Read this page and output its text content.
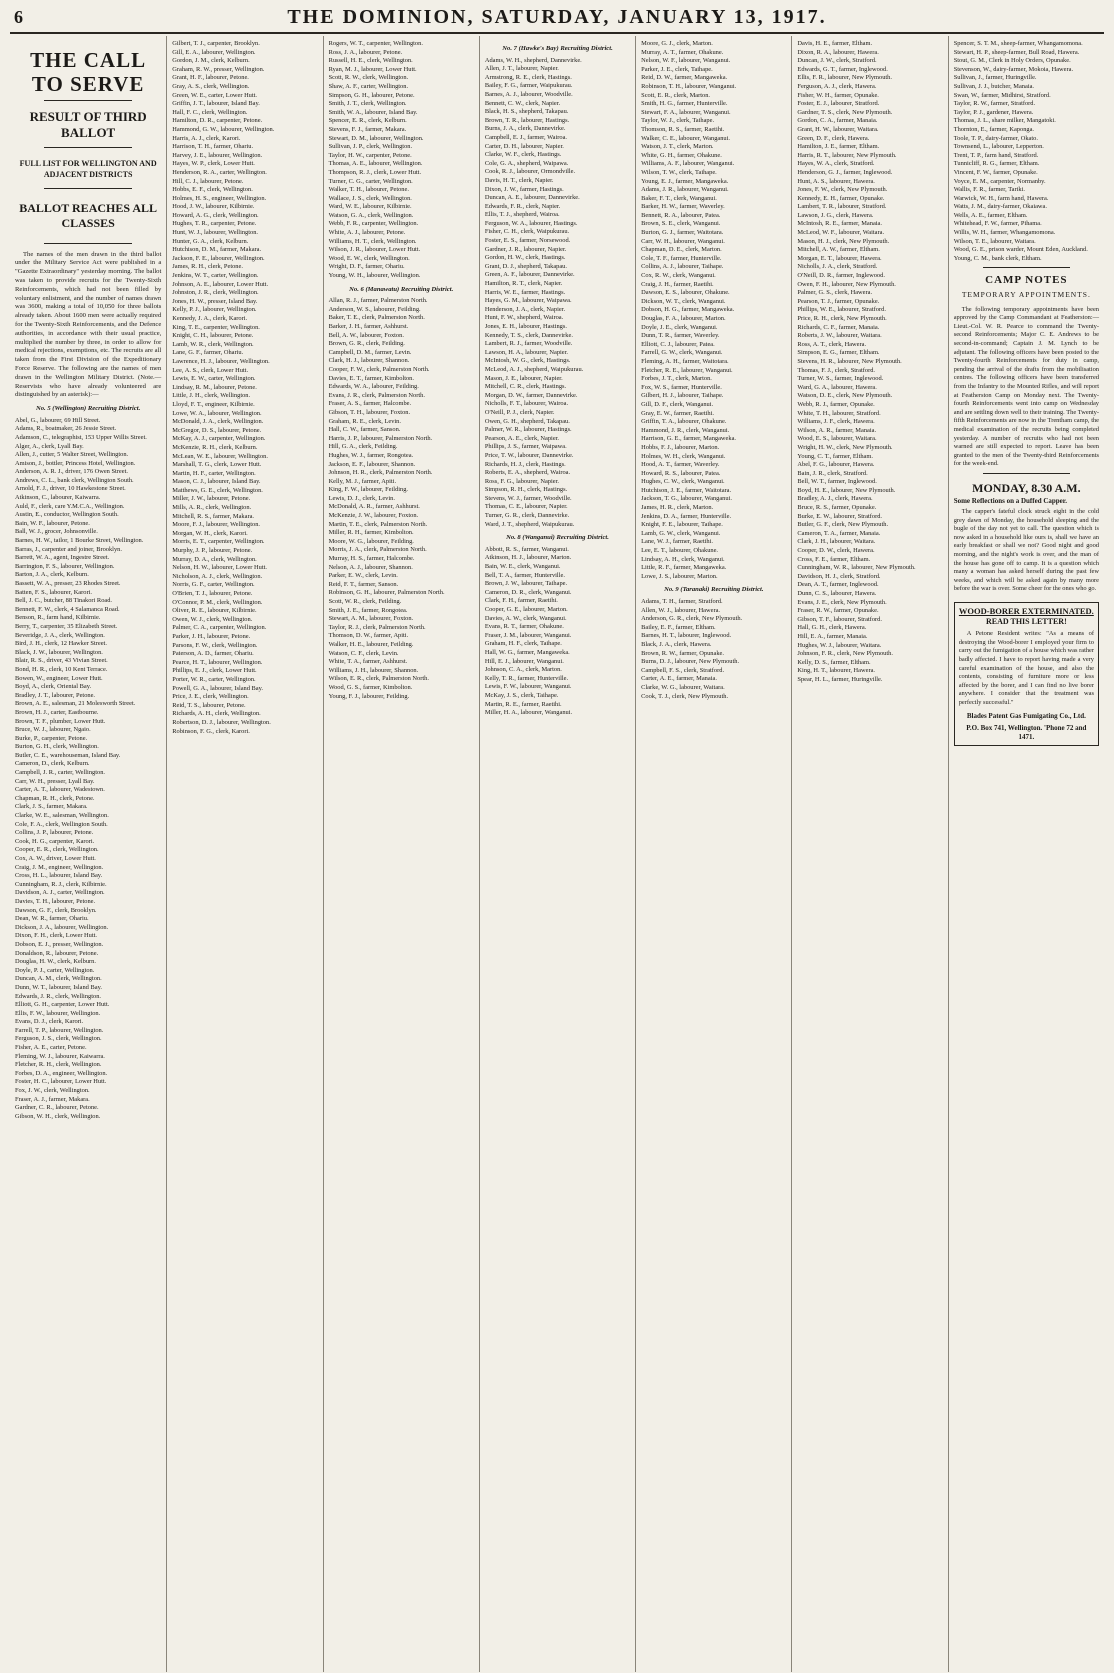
6	THE DOMINION, SATURDAY, JANUARY 13, 1917.
THE CALL TO SERVE
RESULT OF THIRD BALLOT
FULL LIST FOR WELLINGTON AND ADJACENT DISTRICTS
BALLOT REACHES ALL CLASSES

The names of the men drawn in the third ballot under the Military Service Act were published in a "Gazette Extraordinary" yesterday morning. The ballot was taken to provide recruits for the Twenty-Sixth Reinforcements, which had not been filled by voluntary enlistment, and the number of names drawn was 3600, making a total of 10,050 for three ballots already taken. About 1600 men were actually required for the Twenty-Sixth Reinforcements, and the Defence authorities, in accordance with their usual practice, multiplied the number by three, in order to allow for medical rejections, exemptions, etc. The recruits are all taken from the First Division of the Expeditionary Force Reserve. The following are the names of men drawn in the Wellington Military District. (Note.—Reservists who have already volunteered are distinguished by an asterisk):—

No. 5 (Wellington) Recruiting District.

Abel, G., labourer, 69 Hill Street.

Adams, R., boatmaker, 26 Jessie Street.

Adamson, C., telegraphist, 153 Upper Willis Street.

Alger, A., clerk, Lyall Bay.

Allen, J., cutter, 5 Walter Street, Wellington.

Amison, J., bottler, Princess Hotel, Wellington.

Anderson, A. R. J., driver, 176 Owen Street.

Andrews, C. L., bank clerk, Wellington South.

Arnold, F. J., driver, 10 Hawkestone Street.

Atkinson, C., labourer, Kaiwarra.

Auld, F., clerk, care Y.M.C.A., Wellington.

Austin, E., conductor, Wellington South.

Bain, W. F., labourer, Petone.

Ball, W. J., grocer, Johnsonville.

Barnes, H. W., tailor, 1 Bourke Street, Wellington.

Barras, J., carpenter and joiner, Brooklyn.

Barrett, W. A., agent, Ingestre Street.

Barrington, F. S., labourer, Wellington.

Barton, J. A., clerk, Kelburn.

Bassett, W. A., presser, 23 Rhodes Street.

Batten, F. S., labourer, Karori.

Bell, J. C., butcher, 88 Tinakori Road.

Bennett, F. W., clerk, 4 Salamanca Road.

Benson, R., farm hand, Kilbirnie.

Berry, T., carpenter, 35 Elizabeth Street.

Beveridge, J. A., clerk, Wellington.

Bird, J. H., clerk, 12 Hawker Street.

Black, J. W., labourer, Wellington.

Blair, R. S., driver, 43 Vivian Street.

Bond, H. R., clerk, 10 Kent Terrace.

Bowen, W., engineer, Lower Hutt.

Boyd, A., clerk, Oriental Bay.

Bradley, J. T., labourer, Petone.

Brown, A. E., salesman, 21 Molesworth Street.

Brown, H. J., carter, Eastbourne.

Brown, T. F., plumber, Lower Hutt.

Bruce, W. J., labourer, Ngaio.

Burke, P., carpenter, Petone.

Burton, G. H., clerk, Wellington.

Butler, C. E., warehouseman, Island Bay.

Cameron, D., clerk, Kelburn.

Campbell, J. R., carter, Wellington.

Carr, W. H., presser, Lyall Bay.

Carter, A. T., labourer, Wadestown.

Chapman, R. H., clerk, Petone.

Clark, J. S., farmer, Makara.

Clarke, W. E., salesman, Wellington.

Cole, F. A., clerk, Wellington South.

Collins, J. P., labourer, Petone.

Cook, H. G., carpenter, Karori.

Cooper, E. R., clerk, Wellington.

Cox, A. W., driver, Lower Hutt.

Craig, J. M., engineer, Wellington.

Cross, H. L., labourer, Island Bay.

Cunningham, R. J., clerk, Kilbirnie.

Davidson, A. J., carter, Wellington.

Davies, T. H., labourer, Petone.

Dawson, G. F., clerk, Brooklyn.

Dean, W. R., farmer, Ohariu.

Dickson, J. A., labourer, Wellington.

Dixon, F. H., clerk, Lower Hutt.

Dobson, E. J., presser, Wellington.

Donaldson, R., labourer, Petone.

Douglas, H. W., clerk, Kelburn.

Doyle, P. J., carter, Wellington.

Duncan, A. M., clerk, Wellington.

Dunn, W. T., labourer, Island Bay.

Edwards, J. R., clerk, Wellington.

Elliott, G. H., carpenter, Lower Hutt.

Ellis, F. W., labourer, Wellington.

Evans, D. J., clerk, Karori.

Farrell, T. P., labourer, Wellington.

Ferguson, J. S., clerk, Wellington.

Fisher, A. E., carter, Petone.

Fleming, W. J., labourer, Kaiwarra.

Fletcher, R. H., clerk, Wellington.

Forbes, D. A., engineer, Wellington.

Foster, H. C., labourer, Lower Hutt.

Fox, J. W., clerk, Wellington.

Fraser, A. J., farmer, Makara.

Gardner, C. R., labourer, Petone.

Gibson, W. H., clerk, Wellington.

Gilbert, T. J., carpenter, Brooklyn.

Gill, E. A., labourer, Wellington.

Gordon, J. M., clerk, Kelburn.

Graham, R. W., presser, Wellington.

Grant, H. F., labourer, Petone.

Gray, A. S., clerk, Wellington.

Green, W. E., carter, Lower Hutt.

Griffin, J. T., labourer, Island Bay.

Hall, F. C., clerk, Wellington.

Hamilton, D. R., carpenter, Petone.

Hammond, G. W., labourer, Wellington.

Harris, A. J., clerk, Karori.

Harrison, T. H., farmer, Ohariu.

Harvey, J. E., labourer, Wellington.

Hayes, W. P., clerk, Lower Hutt.

Henderson, R. A., carter, Wellington.

Hill, C. J., labourer, Petone.

Hobbs, E. F., clerk, Wellington.

Holmes, H. S., engineer, Wellington.

Hood, J. W., labourer, Kilbirnie.

Howard, A. G., clerk, Wellington.

Hughes, T. R., carpenter, Petone.

Hunt, W. J., labourer, Wellington.

Hunter, G. A., clerk, Kelburn.

Hutchison, D. M., farmer, Makara.

Jackson, F. E., labourer, Wellington.

James, R. H., clerk, Petone.

Jenkins, W. T., carter, Wellington.

Johnson, A. E., labourer, Lower Hutt.

Johnston, J. R., clerk, Wellington.

Jones, H. W., presser, Island Bay.

Kelly, P. J., labourer, Wellington.

Kennedy, J. A., clerk, Karori.

King, T. E., carpenter, Wellington.

Knight, C. H., labourer, Petone.

Lamb, W. R., clerk, Wellington.

Lane, G. F., farmer, Ohariu.

Lawrence, H. J., labourer, Wellington.

Lee, A. S., clerk, Lower Hutt.

Lewis, E. W., carter, Wellington.

Lindsay, R. M., labourer, Petone.

Little, J. H., clerk, Wellington.

Lloyd, F. T., engineer, Kilbirnie.

Lowe, W. A., labourer, Wellington.

McDonald, J. A., clerk, Wellington.

McGregor, D. S., labourer, Petone.

McKay, A. J., carpenter, Wellington.

McKenzie, R. H., clerk, Kelburn.

McLean, W. E., labourer, Wellington.

Marshall, T. G., clerk, Lower Hutt.

Martin, H. F., carter, Wellington.

Mason, C. J., labourer, Island Bay.

Matthews, G. E., clerk, Wellington.

Miller, J. W., labourer, Petone.

Mills, A. R., clerk, Wellington.

Mitchell, R. S., farmer, Makara.

Moore, F. J., labourer, Wellington.

Morgan, W. H., clerk, Karori.

Morris, E. T., carpenter, Wellington.

Murphy, J. P., labourer, Petone.

Murray, D. A., clerk, Wellington.

Nelson, H. W., labourer, Lower Hutt.

Nicholson, A. J., clerk, Wellington.

Norris, G. F., carter, Wellington.

O'Brien, T. J., labourer, Petone.

O'Connor, P. M., clerk, Wellington.

Oliver, R. E., labourer, Kilbirnie.

Owen, W. J., clerk, Wellington.

Palmer, C. A., carpenter, Wellington.

Parker, J. H., labourer, Petone.

Parsons, F. W., clerk, Wellington.

Paterson, A. D., farmer, Ohariu.

Pearce, H. T., labourer, Wellington.

Phillips, E. J., clerk, Lower Hutt.

Porter, W. R., carter, Wellington.

Powell, G. A., labourer, Island Bay.

Price, J. E., clerk, Wellington.

Reid, T. S., labourer, Petone.

Richards, A. H., clerk, Wellington.

Robertson, D. J., labourer, Wellington.

Robinson, F. G., clerk, Karori.

Rogers, W. T., carpenter, Wellington.

Ross, J. A., labourer, Petone.

Russell, H. E., clerk, Wellington.

Ryan, M. J., labourer, Lower Hutt.

Scott, R. W., clerk, Wellington.

Shaw, A. F., carter, Wellington.

Simpson, G. H., labourer, Petone.

Smith, J. T., clerk, Wellington.

Smith, W. A., labourer, Island Bay.

Spencer, E. R., clerk, Kelburn.

Stevens, F. J., farmer, Makara.

Stewart, D. M., labourer, Wellington.

Sullivan, J. P., clerk, Wellington.

Taylor, H. W., carpenter, Petone.

Thomas, A. E., labourer, Wellington.

Thompson, R. J., clerk, Lower Hutt.

Turner, C. G., carter, Wellington.

Walker, T. H., labourer, Petone.

Wallace, J. S., clerk, Wellington.

Ward, W. E., labourer, Kilbirnie.

Watson, G. A., clerk, Wellington.

Webb, F. R., carpenter, Wellington.

White, A. J., labourer, Petone.

Williams, H. T., clerk, Wellington.

Wilson, J. R., labourer, Lower Hutt.

Wood, E. W., clerk, Wellington.

Wright, D. F., farmer, Ohariu.

Young, W. H., labourer, Wellington.

No. 6 (Manawatu) Recruiting District.

Allan, R. J., farmer, Palmerston North.

Anderson, W. S., labourer, Feilding.

Baker, T. E., clerk, Palmerston North.

Barker, J. H., farmer, Ashhurst.

Bell, A. W., labourer, Foxton.

Brown, G. R., clerk, Feilding.

Campbell, D. M., farmer, Levin.

Clark, H. J., labourer, Shannon.

Cooper, F. W., clerk, Palmerston North.

Davies, E. T., farmer, Kimbolton.

Edwards, W. A., labourer, Feilding.

Evans, J. R., clerk, Palmerston North.

Fraser, A. S., farmer, Halcombe.

Gibson, T. H., labourer, Foxton.

Graham, R. E., clerk, Levin.

Hall, C. W., farmer, Sanson.

Harris, J. P., labourer, Palmerston North.

Hill, G. A., clerk, Feilding.

Hughes, W. J., farmer, Rongotea.

Jackson, E. F., labourer, Shannon.

Johnson, H. R., clerk, Palmerston North.

Kelly, M. J., farmer, Apiti.

King, F. W., labourer, Feilding.

Lewis, D. J., clerk, Levin.

McDonald, A. R., farmer, Ashhurst.

McKenzie, J. W., labourer, Foxton.

Martin, T. E., clerk, Palmerston North.

Miller, R. H., farmer, Kimbolton.

Moore, W. G., labourer, Feilding.

Morris, J. A., clerk, Palmerston North.

Murray, H. S., farmer, Halcombe.

Nelson, A. J., labourer, Shannon.

Parker, E. W., clerk, Levin.

Reid, F. T., farmer, Sanson.

Robinson, G. H., labourer, Palmerston North.

Scott, W. R., clerk, Feilding.

Smith, J. E., farmer, Rongotea.

Stewart, A. M., labourer, Foxton.

Taylor, R. J., clerk, Palmerston North.

Thomson, D. W., farmer, Apiti.

Walker, H. E., labourer, Feilding.

Watson, C. F., clerk, Levin.

White, T. A., farmer, Ashhurst.

Williams, J. H., labourer, Shannon.

Wilson, E. R., clerk, Palmerston North.

Wood, G. S., farmer, Kimbolton.

Young, F. J., labourer, Feilding.

No. 7 (Hawke's Bay) Recruiting District.

Adams, W. H., shepherd, Dannevirke.

Allen, J. T., labourer, Napier.

Armstrong, R. E., clerk, Hastings.

Bailey, F. G., farmer, Waipukurau.

Barnes, A. J., labourer, Woodville.

Bennett, C. W., clerk, Napier.

Black, H. S., shepherd, Takapau.

Brown, T. R., labourer, Hastings.

Burns, J. A., clerk, Dannevirke.

Campbell, E. J., farmer, Wairoa.

Carter, D. H., labourer, Napier.

Clarke, W. F., clerk, Hastings.

Cole, G. A., shepherd, Waipawa.

Cook, R. J., labourer, Ormondville.

Davis, H. T., clerk, Napier.

Dixon, J. W., farmer, Hastings.

Duncan, A. E., labourer, Dannevirke.

Edwards, F. R., clerk, Napier.

Ellis, T. J., shepherd, Wairoa.

Ferguson, W. A., labourer, Hastings.

Fisher, C. H., clerk, Waipukurau.

Foster, E. S., farmer, Norsewood.

Gardner, J. R., labourer, Napier.

Gordon, H. W., clerk, Hastings.

Grant, D. J., shepherd, Takapau.

Green, A. F., labourer, Dannevirke.

Hamilton, R. T., clerk, Napier.

Harris, W. E., farmer, Hastings.

Hayes, G. M., labourer, Waipawa.

Henderson, J. A., clerk, Napier.

Hunt, F. W., shepherd, Wairoa.

Jones, E. H., labourer, Hastings.

Kennedy, T. S., clerk, Dannevirke.

Lambert, R. J., farmer, Woodville.

Lawson, H. A., labourer, Napier.

McIntosh, W. G., clerk, Hastings.

McLeod, A. J., shepherd, Waipukurau.

Mason, J. E., labourer, Napier.

Mitchell, C. R., clerk, Hastings.

Morgan, D. W., farmer, Dannevirke.

Nicholls, F. T., labourer, Wairoa.

O'Neill, P. J., clerk, Napier.

Owen, G. H., shepherd, Takapau.

Palmer, W. R., labourer, Hastings.

Pearson, A. E., clerk, Napier.

Phillips, J. S., farmer, Waipawa.

Price, T. W., labourer, Dannevirke.

Richards, H. J., clerk, Hastings.

Roberts, E. A., shepherd, Wairoa.

Ross, F. G., labourer, Napier.

Simpson, R. H., clerk, Hastings.

Stevens, W. J., farmer, Woodville.

Thomas, C. E., labourer, Napier.

Turner, G. R., clerk, Dannevirke.

Ward, J. T., shepherd, Waipukurau.

No. 8 (Wanganui) Recruiting District.

Abbott, R. S., farmer, Wanganui.

Atkinson, H. J., labourer, Marton.

Bain, W. E., clerk, Wanganui.

Bell, T. A., farmer, Hunterville.

Brown, J. W., labourer, Taihape.

Cameron, D. R., clerk, Wanganui.

Clark, F. H., farmer, Raetihi.

Cooper, G. E., labourer, Marton.

Davies, A. W., clerk, Wanganui.

Evans, R. T., farmer, Ohakune.

Fraser, J. M., labourer, Wanganui.

Graham, H. F., clerk, Taihape.

Hall, W. G., farmer, Mangaweka.

Hill, E. J., labourer, Wanganui.

Johnson, C. A., clerk, Marton.

Kelly, T. R., farmer, Hunterville.

Lewis, F. W., labourer, Wanganui.

McKay, J. S., clerk, Taihape.

Martin, R. E., farmer, Raetihi.

Miller, H. A., labourer, Wanganui.

Moore, G. J., clerk, Marton.

Murray, A. T., farmer, Ohakune.

Nelson, W. F., labourer, Wanganui.

Parker, J. E., clerk, Taihape.

Reid, D. W., farmer, Mangaweka.

Robinson, T. H., labourer, Wanganui.

Scott, E. R., clerk, Marton.

Smith, H. G., farmer, Hunterville.

Stewart, F. A., labourer, Wanganui.

Taylor, W. J., clerk, Taihape.

Thomson, R. S., farmer, Raetihi.

Walker, C. E., labourer, Wanganui.

Watson, J. T., clerk, Marton.

White, G. H., farmer, Ohakune.

Williams, A. F., labourer, Wanganui.

Wilson, T. W., clerk, Taihape.

Young, E. J., farmer, Mangaweka.

Adams, J. R., labourer, Wanganui.

Baker, F. T., clerk, Wanganui.

Barker, H. W., farmer, Waverley.

Bennett, R. A., labourer, Patea.

Brown, S. E., clerk, Wanganui.

Burton, G. J., farmer, Waitotara.

Carr, W. H., labourer, Wanganui.

Chapman, D. E., clerk, Marton.

Cole, T. F., farmer, Hunterville.

Collins, A. J., labourer, Taihape.

Cox, R. W., clerk, Wanganui.

Craig, J. H., farmer, Raetihi.

Dawson, E. S., labourer, Ohakune.

Dickson, W. T., clerk, Wanganui.

Dobson, H. G., farmer, Mangaweka.

Douglas, F. A., labourer, Marton.

Doyle, J. E., clerk, Wanganui.

Dunn, T. R., farmer, Waverley.

Elliott, C. J., labourer, Patea.

Farrell, G. W., clerk, Wanganui.

Fleming, A. H., farmer, Waitotara.

Fletcher, R. E., labourer, Wanganui.

Forbes, J. T., clerk, Marton.

Fox, W. S., farmer, Hunterville.

Gilbert, H. J., labourer, Taihape.

Gill, D. F., clerk, Wanganui.

Gray, E. W., farmer, Raetihi.

Griffin, T. A., labourer, Ohakune.

Hammond, J. R., clerk, Wanganui.

Harrison, G. E., farmer, Mangaweka.

Hobbs, F. J., labourer, Marton.

Holmes, W. H., clerk, Wanganui.

Hood, A. T., farmer, Waverley.

Howard, R. S., labourer, Patea.

Hughes, C. W., clerk, Wanganui.

Hutchison, J. E., farmer, Waitotara.

Jackson, T. G., labourer, Wanganui.

James, H. R., clerk, Marton.

Jenkins, D. A., farmer, Hunterville.

Knight, F. E., labourer, Taihape.

Lamb, G. W., clerk, Wanganui.

Lane, W. J., farmer, Raetihi.

Lee, E. T., labourer, Ohakune.

Lindsay, A. H., clerk, Wanganui.

Little, R. F., farmer, Mangaweka.

Lowe, J. S., labourer, Marton.

No. 9 (Taranaki) Recruiting District.

Adams, T. H., farmer, Stratford.

Allen, W. J., labourer, Hawera.

Anderson, G. R., clerk, New Plymouth.

Bailey, E. F., farmer, Eltham.

Barnes, H. T., labourer, Inglewood.

Black, J. A., clerk, Hawera.

Brown, R. W., farmer, Opunake.

Burns, D. J., labourer, New Plymouth.

Campbell, F. S., clerk, Stratford.

Carter, A. E., farmer, Manaia.

Clarke, W. G., labourer, Waitara.

Cook, T. J., clerk, New Plymouth.

Davis, H. E., farmer, Eltham.

Dixon, R. A., labourer, Hawera.

Duncan, J. W., clerk, Stratford.

Edwards, G. T., farmer, Inglewood.

Ellis, F. R., labourer, New Plymouth.

Ferguson, A. J., clerk, Hawera.

Fisher, W. H., farmer, Opunake.

Foster, E. J., labourer, Stratford.

Gardner, T. S., clerk, New Plymouth.

Gordon, C. A., farmer, Manaia.

Grant, H. W., labourer, Waitara.

Green, D. F., clerk, Hawera.

Hamilton, J. E., farmer, Eltham.

Harris, R. T., labourer, New Plymouth.

Hayes, W. A., clerk, Stratford.

Henderson, G. J., farmer, Inglewood.

Hunt, A. S., labourer, Hawera.

Jones, F. W., clerk, New Plymouth.

Kennedy, E. H., farmer, Opunake.

Lambert, T. R., labourer, Stratford.

Lawson, J. G., clerk, Hawera.

McIntosh, R. E., farmer, Manaia.

McLeod, W. F., labourer, Waitara.

Mason, H. J., clerk, New Plymouth.

Mitchell, A. W., farmer, Eltham.

Morgan, E. T., labourer, Hawera.

Nicholls, J. A., clerk, Stratford.

O'Neill, D. R., farmer, Inglewood.

Owen, F. H., labourer, New Plymouth.

Palmer, G. S., clerk, Hawera.

Pearson, T. J., farmer, Opunake.

Phillips, W. E., labourer, Stratford.

Price, R. H., clerk, New Plymouth.

Richards, C. F., farmer, Manaia.

Roberts, J. W., labourer, Waitara.

Ross, A. T., clerk, Hawera.

Simpson, E. G., farmer, Eltham.

Stevens, H. R., labourer, New Plymouth.

Thomas, F. J., clerk, Stratford.

Turner, W. S., farmer, Inglewood.

Ward, G. A., labourer, Hawera.

Watson, D. E., clerk, New Plymouth.

Webb, R. J., farmer, Opunake.

White, T. H., labourer, Stratford.

Williams, J. F., clerk, Hawera.

Wilson, A. R., farmer, Manaia.

Wood, E. S., labourer, Waitara.

Wright, H. W., clerk, New Plymouth.

Young, C. T., farmer, Eltham.

Abel, F. G., labourer, Hawera.

Bain, J. R., clerk, Stratford.

Bell, W. T., farmer, Inglewood.

Boyd, H. E., labourer, New Plymouth.

Bradley, A. J., clerk, Hawera.

Bruce, R. S., farmer, Opunake.

Burke, E. W., labourer, Stratford.

Butler, G. F., clerk, New Plymouth.

Cameron, T. A., farmer, Manaia.

Clark, J. H., labourer, Waitara.

Cooper, D. W., clerk, Hawera.

Cross, F. E., farmer, Eltham.

Cunningham, W. R., labourer, New Plymouth.

Davidson, H. J., clerk, Stratford.

Dean, A. T., farmer, Inglewood.

Dunn, C. S., labourer, Hawera.

Evans, J. E., clerk, New Plymouth.

Fraser, R. W., farmer, Opunake.

Gibson, T. F., labourer, Stratford.

Hall, G. H., clerk, Hawera.

Hill, E. A., farmer, Manaia.

Hughes, W. J., labourer, Waitara.

Johnson, F. R., clerk, New Plymouth.

Kelly, D. S., farmer, Eltham.

King, H. T., labourer, Hawera.

Spear, H. L., farmer, Huringville.

Spencer, S. T. M., sheep-farmer, Whangamomona.

Stewart, H. P., sheep-farmer, Bull Road, Hawera.

Stout, G. M., Clerk in Holy Orders, Opunake.

Stevenson, W., dairy-farmer, Mokoia, Hawera.

Sullivan, J., farmer, Huringville.

Sullivan, J. J., butcher, Manaia.

Swan, W., farmer, Midhirst, Stratford.

Taylor, R. W., farmer, Stratford.

Taylor, P. J., gardener, Hawera.

Thomas, J. L., share milker, Mangatoki.

Thornton, E., farmer, Kaponga.

Toole, T. P., dairy-farmer, Okato.

Townsend, L., labourer, Lepperton.

Trent, T. P., farm hand, Stratford.

Tunnicliff, R. G., farmer, Eltham.

Vincent, F. W., farmer, Opunake.

Voyce, E. M., carpenter, Normanby.

Wallis, F. R., farmer, Tariki.

Warwick, W. H., farm hand, Hawera.

Watts, J. M., dairy-farmer, Okaiawa.

Wells, A. E., farmer, Eltham.

Whitehead, F. W., farmer, Pihama.

Willis, W. H., farmer, Whangamomona.

Wilson, T. E., labourer, Waitara.

Wood, G. E., prison warder, Mount Eden, Auckland.

Young, C. M., bank clerk, Eltham.

CAMP NOTES
TEMPORARY APPOINTMENTS.

The following temporary appointments have been approved by the Camp Commandant at Featherston:—Lieut.-Col. W. R. Pearce to command the Twenty-second Reinforcements; Major C. E. Andrews to be second-in-command; Captain J. M. Lynch to be adjutant. The following officers have been posted to the Twenty-fourth Reinforcements for duty in camp, pending the arrival of the drafts from the mobilisation centres. The following officers have been transferred from the Infantry to the Mounted Rifles, and will report at Featherston Camp on Monday next. The Twenty-fourth Reinforcements went into camp on Wednesday and are settling down well to their training. The Twenty-fifth Reinforcements are now in the Trentham camp, the medical examination of the recruits being completed yesterday. A number of recruits who had not been warned are still expected to report. Leave has been granted to the men of the Twenty-third Reinforcements for the week-end.

MONDAY, 8.30 A.M.
Some Reflections on a Duffed Capper.

The capper's fateful clock struck eight in the cold grey dawn of Monday, the household sleeping and the bugle of the day not yet to call. The question which is now asked in a household like ours is, shall we have an early breakfast or shall we not? Good night and good morning, and the night's work is over, and the man of the house has gone off to camp. It is a question which many a woman has asked herself during the past few weeks, and which will be asked again by many more before the war is over. Some cheer for the ones who go.

WOOD-BORER EXTERMINATED.
READ THIS LETTER!

A Petone Resident writes: "As a means of destroying the Wood-borer I employed your firm to carry out the fumigation of a house which was rather badly affected. I have to report having made a very careful examination of the house, and also the contents, consisting of furniture more or less affected by the borer, and I can find no live borer anywhere. I consider that the treatment was perfectly successful."

Blades Patent Gas Fumigating Co., Ltd.
P.O. Box 741, Wellington. 'Phone 72 and 1471.
